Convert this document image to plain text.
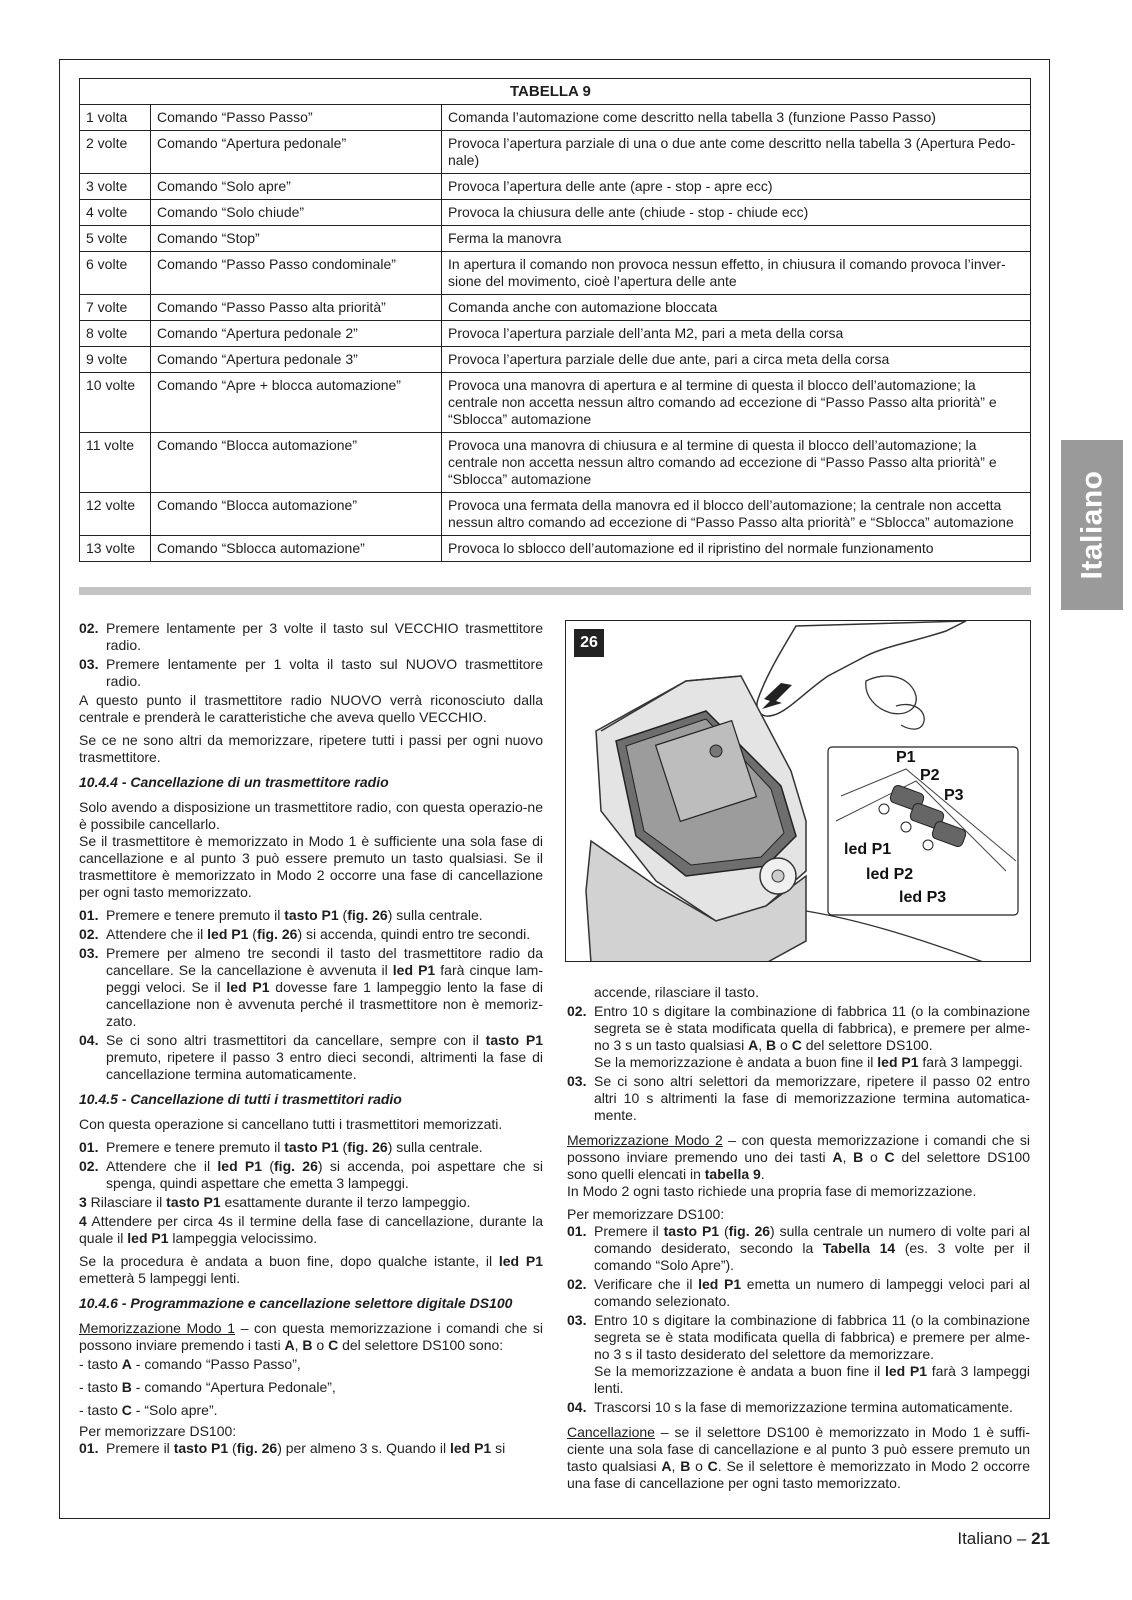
Italiano
TABELLA 9		
1 volta	Comando “Passo Passo”	Comanda l’automazione come descritto nella tabella 3 (funzione Passo Passo)
2 volte	Comando “Apertura pedonale”	Provoca l’apertura parziale di una o due ante come descritto nella tabella 3 (Apertura Pedo-nale)
3 volte	Comando “Solo apre”	Provoca l’apertura delle ante (apre - stop - apre ecc)
4 volte	Comando “Solo chiude”	Provoca la chiusura delle ante (chiude - stop - chiude ecc)
5 volte	Comando “Stop”	Ferma la manovra
6 volte	Comando “Passo Passo condominale”	In apertura il comando non provoca nessun effetto, in chiusura il comando provoca l’inver-sione del movimento, cioè l’apertura delle ante
7 volte	Comando “Passo Passo alta priorità”	Comanda anche con automazione bloccata
8 volte	Comando “Apertura pedonale 2”	Provoca l’apertura parziale dell’anta M2, pari a meta della corsa
9 volte	Comando “Apertura pedonale 3”	Provoca l’apertura parziale delle due ante, pari a circa meta della corsa
10 volte	Comando “Apre + blocca automazione”	Provoca una manovra di apertura e al termine di questa il blocco dell’automazione; la centrale non accetta nessun altro comando ad eccezione di “Passo Passo alta priorità” e “Sblocca” automazione
11 volte	Comando “Blocca automazione”	Provoca una manovra di chiusura e al termine di questa il blocco dell’automazione; la centrale non accetta nessun altro comando ad eccezione di “Passo Passo alta priorità” e “Sblocca” automazione
12 volte	Comando “Blocca automazione”	Provoca una fermata della manovra ed il blocco dell’automazione; la centrale non accetta nessun altro comando ad eccezione di “Passo Passo alta priorità” e “Sblocca” automazione
13 volte	Comando “Sblocca automazione”	Provoca lo sblocco dell’automazione ed il ripristino del normale funzionamento
02. Premere lentamente per 3 volte il tasto sul VECCHIO trasmettitore radio.
03. Premere lentamente per 1 volta il tasto sul NUOVO trasmettitore radio.

A questo punto il trasmettitore radio NUOVO verrà riconosciuto dalla centrale e prenderà le caratteristiche che aveva quello VECCHIO.

Se ce ne sono altri da memorizzare, ripetere tutti i passi per ogni nuovo trasmettitore.

10.4.4 - Cancellazione di un trasmettitore radio

Solo avendo a disposizione un trasmettitore radio, con questa operazio-ne è possibile cancellarlo.

Se il trasmettitore è memorizzato in Modo 1 è sufficiente una sola fase di cancellazione e al punto 3 può essere premuto un tasto qualsiasi. Se il trasmettitore è memorizzato in Modo 2 occorre una fase di cancellazione per ogni tasto memorizzato.

01. Premere e tenere premuto il tasto P1 (fig. 26) sulla centrale.
02. Attendere che il led P1 (fig. 26) si accenda, quindi entro tre secondi.
03. Premere per almeno tre secondi il tasto del trasmettitore radio da cancellare. Se la cancellazione è avvenuta il led P1 farà cinque lam-peggi veloci. Se il led P1 dovesse fare 1 lampeggio lento la fase di cancellazione non è avvenuta perché il trasmettitore non è memoriz-zato.
04. Se ci sono altri trasmettitori da cancellare, sempre con il tasto P1 premuto, ripetere il passo 3 entro dieci secondi, altrimenti la fase di cancellazione termina automaticamente.
10.4.5 - Cancellazione di tutti i trasmettitori radio

Con questa operazione si cancellano tutti i trasmettitori memorizzati.

01. Premere e tenere premuto il tasto P1 (fig. 26) sulla centrale.
02. Attendere che il led P1 (fig. 26) si accenda, poi aspettare che si spenga, quindi aspettare che emetta 3 lampeggi.

3 Rilasciare il tasto P1 esattamente durante il terzo lampeggio.

4 Attendere per circa 4s il termine della fase di cancellazione, durante la quale il led P1 lampeggia velocissimo.

Se la procedura è andata a buon fine, dopo qualche istante, il led P1 emetterà 5 lampeggi lenti.

10.4.6 - Programmazione e cancellazione selettore digitale DS100

Memorizzazione Modo 1 – con questa memorizzazione i comandi che si possono inviare premendo i tasti A, B o C del selettore DS100 sono:

- tasto A - comando “Passo Passo”,

- tasto B - comando “Apertura Pedonale”,

- tasto C - “Solo apre”.

Per memorizzare DS100:

01. Premere il tasto P1 (fig. 26) per almeno 3 s. Quando il led P1 si
26
P1
P2
P3
led P1
led P2
led P3
accende, rilasciare il tasto.
02. Entro 10 s digitare la combinazione di fabbrica 11 (o la combinazione segreta se è stata modificata quella di fabbrica), e premere per alme-no 3 s un tasto qualsiasi A, B o C del selettore DS100.
Se la memorizzazione è andata a buon fine il led P1 farà 3 lampeggi.
03. Se ci sono altri selettori da memorizzare, ripetere il passo 02 entro altri 10 s altrimenti la fase di memorizzazione termina automatica-mente.

Memorizzazione Modo 2 – con questa memorizzazione i comandi che si possono inviare premendo uno dei tasti A, B o C del selettore DS100 sono quelli elencati in tabella 9.

In Modo 2 ogni tasto richiede una propria fase di memorizzazione.

Per memorizzare DS100:

01. Premere il tasto P1 (fig. 26) sulla centrale un numero di volte pari al comando desiderato, secondo la Tabella 14 (es. 3 volte per il comando “Solo Apre”).
02. Verificare che il led P1 emetta un numero di lampeggi veloci pari al comando selezionato.
03. Entro 10 s digitare la combinazione di fabbrica 11 (o la combinazione segreta se è stata modificata quella di fabbrica) e premere per alme-no 3 s il tasto desiderato del selettore da memorizzare.
Se la memorizzazione è andata a buon fine il led P1 farà 3 lampeggi lenti.
04. Trascorsi 10 s la fase di memorizzazione termina automaticamente.

Cancellazione – se il selettore DS100 è memorizzato in Modo 1 è suffi-ciente una sola fase di cancellazione e al punto 3 può essere premuto un tasto qualsiasi A, B o C. Se il selettore è memorizzato in Modo 2 occorre una fase di cancellazione per ogni tasto memorizzato.

Italiano – 21
